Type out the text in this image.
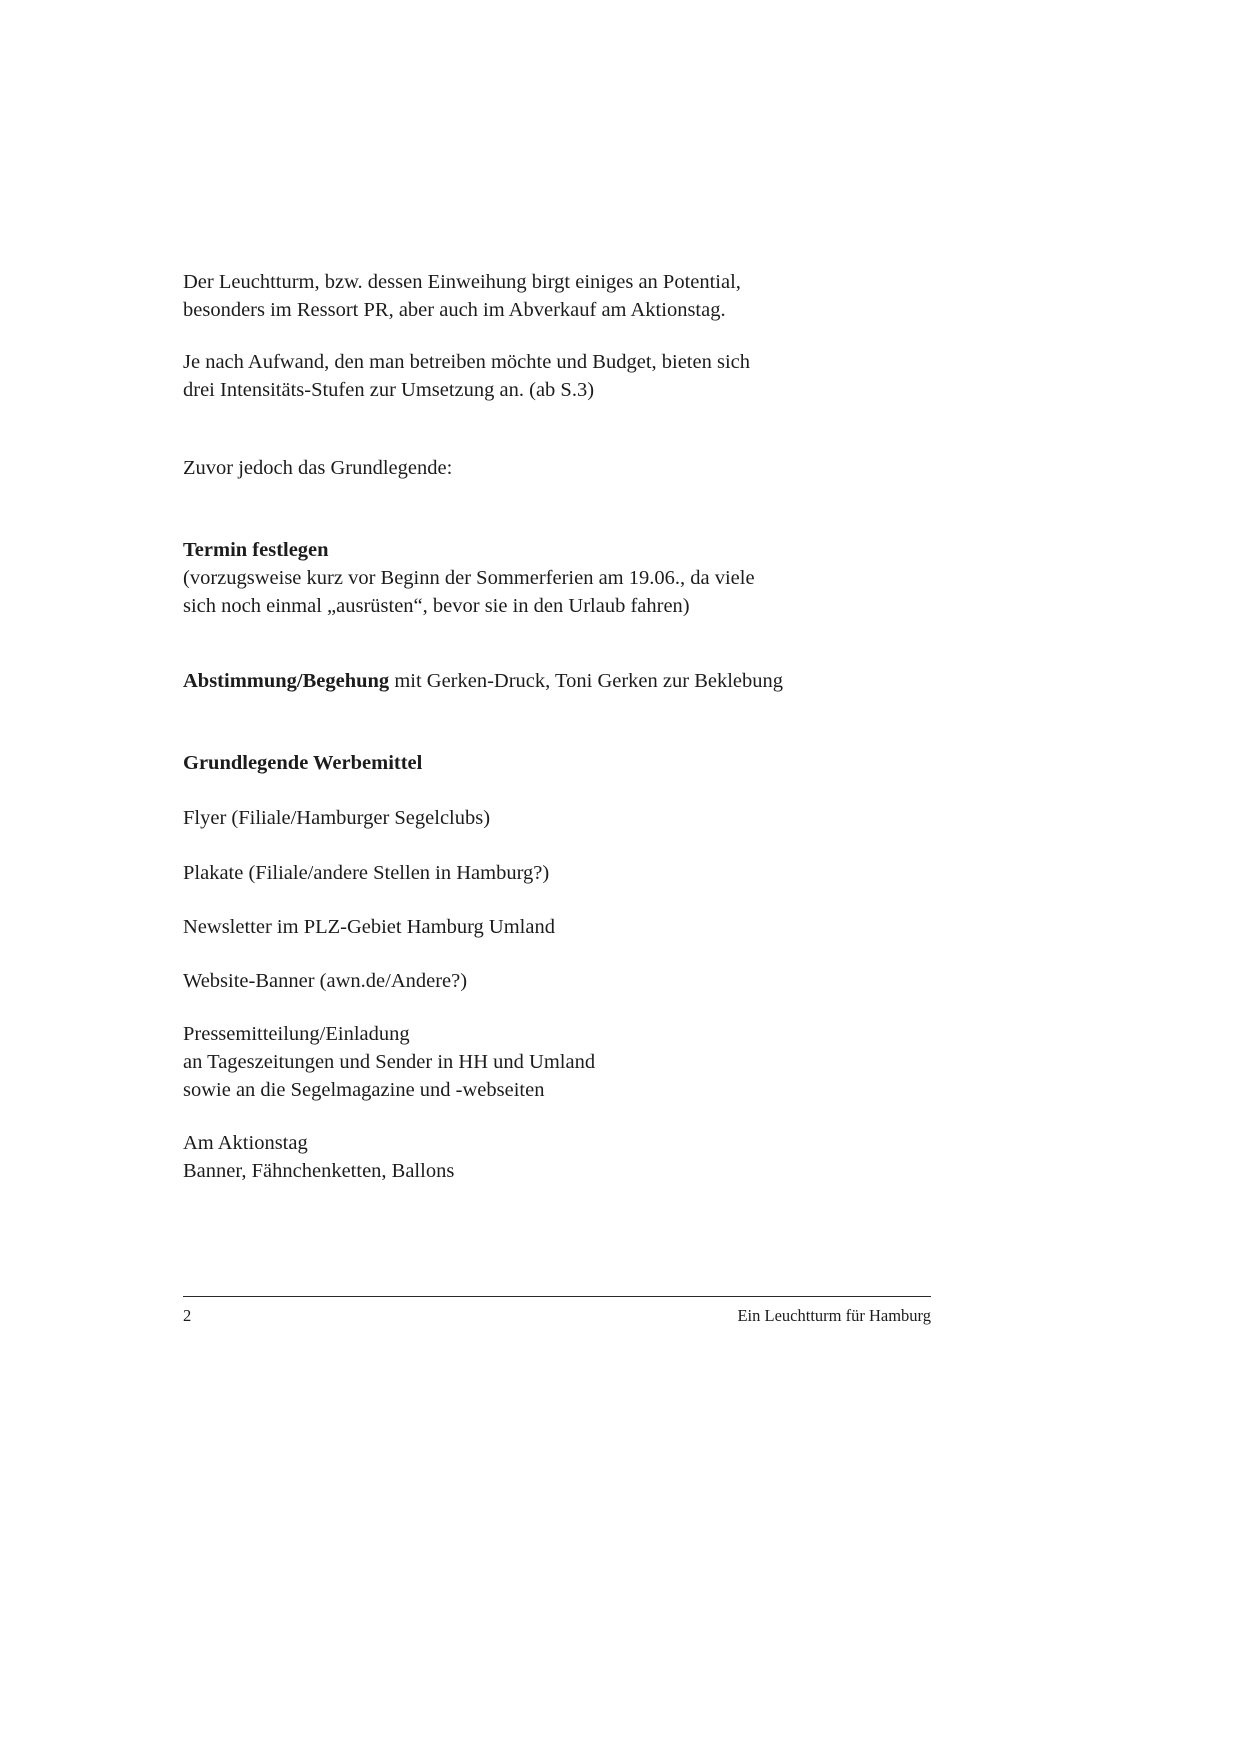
Der Leuchtturm, bzw. dessen Einweihung birgt einiges an Potential,
besonders im Ressort PR, aber auch im Abverkauf am Aktionstag.
Je nach Aufwand, den man betreiben möchte und Budget, bieten sich
drei Intensitäts-Stufen zur Umsetzung an. (ab S.3)
Zuvor jedoch das Grundlegende:
Termin festlegen
(vorzugsweise kurz vor Beginn der Sommerferien am 19.06., da viele
sich noch einmal „ausrüsten“, bevor sie in den Urlaub fahren)
Abstimmung/Begehung mit Gerken-Druck, Toni Gerken zur Beklebung
Grundlegende Werbemittel
Flyer (Filiale/Hamburger Segelclubs)
Plakate (Filiale/andere Stellen in Hamburg?)
Newsletter im PLZ-Gebiet Hamburg Umland
Website-Banner (awn.de/Andere?)
Pressemitteilung/Einladung
an Tageszeitungen und Sender in HH und Umland
sowie an die Segelmagazine und -webseiten
Am Aktionstag
Banner, Fähnchenketten, Ballons
2	Ein Leuchtturm für Hamburg
